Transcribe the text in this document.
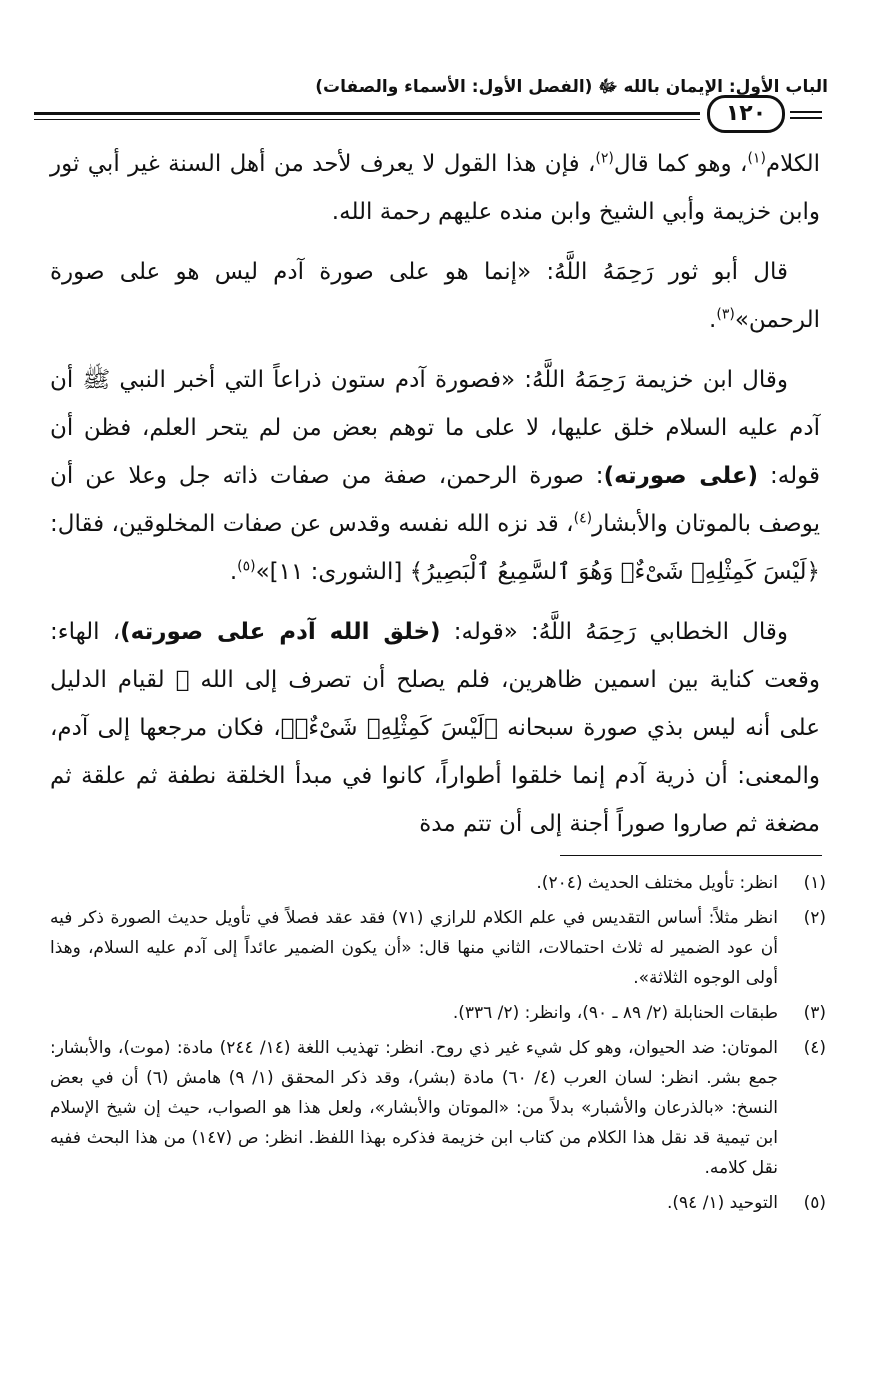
الباب الأول: الإيمان بالله ﷻ (الفصل الأول: الأسماء والصفات)
١٢٠

الكلام$^{(١)}$، وهو كما قال$^{(٢)}$، فإن هذا القول لا يعرف لأحد من أهل السنة غير أبي ثور وابن خزيمة وأبي الشيخ وابن منده عليهم رحمة الله.

قال أبو ثور رَحِمَهُ اللَّهُ: «إنما هو على صورة آدم ليس هو على صورة الرحمن»$^{(٣)}$.

وقال ابن خزيمة رَحِمَهُ اللَّهُ: «فصورة آدم ستون ذراعاً التي أخبر النبي ﷺ أن آدم عليه السلام خلق عليها، لا على ما توهم بعض من لم يتحر العلم، فظن أن قوله: (على صورته): صورة الرحمن، صفة من صفات ذاته جل وعلا عن أن يوصف بالموتان والأبشار$^{(٤)}$، قد نزه الله نفسه وقدس عن صفات المخلوقين، فقال: ﴿لَيْسَ كَمِثْلِهِۦ شَىْءٌۖ وَهُوَ ٱلسَّمِيعُ ٱلْبَصِيرُ﴾ [الشورى: ١١]»$^{(٥)}$.

وقال الخطابي رَحِمَهُ اللَّهُ: «قوله: (خلق الله آدم على صورته)، الهاء: وقعت كناية بين اسمين ظاهرين، فلم يصلح أن تصرف إلى الله ﷻ لقيام الدليل على أنه ليس بذي صورة سبحانه ﴿لَيْسَ كَمِثْلِهِۦ شَىْءٌۖ﴾، فكان مرجعها إلى آدم، والمعنى: أن ذرية آدم إنما خلقوا أطواراً، كانوا في مبدأ الخلقة نطفة ثم علقة ثم مضغة ثم صاروا صوراً أجنة إلى أن تتم مدة

(١)
انظر: تأويل مختلف الحديث (٢٠٤).
(٢)
انظر مثلاً: أساس التقديس في علم الكلام للرازي (٧١) فقد عقد فصلاً في تأويل حديث الصورة ذكر فيه أن عود الضمير له ثلاث احتمالات، الثاني منها قال: «أن يكون الضمير عائداً إلى آدم عليه السلام، وهذا أولى الوجوه الثلاثة».
(٣)
طبقات الحنابلة (٢/ ٨٩ ـ ٩٠)، وانظر: (٢/ ٣٣٦).
(٤)
الموتان: ضد الحيوان، وهو كل شيء غير ذي روح. انظر: تهذيب اللغة (١٤/ ٢٤٤) مادة: (موت)، والأبشار: جمع بشر. انظر: لسان العرب (٤/ ٦٠) مادة (بشر)، وقد ذكر المحقق (١/ ٩) هامش (٦) أن في بعض النسخ: «بالذرعان والأشبار» بدلاً من: «الموتان والأبشار»، ولعل هذا هو الصواب، حيث إن شيخ الإسلام ابن تيمية قد نقل هذا الكلام من كتاب ابن خزيمة فذكره بهذا اللفظ. انظر: ص (١٤٧) من هذا البحث ففيه نقل كلامه.
(٥)
التوحيد (١/ ٩٤).
